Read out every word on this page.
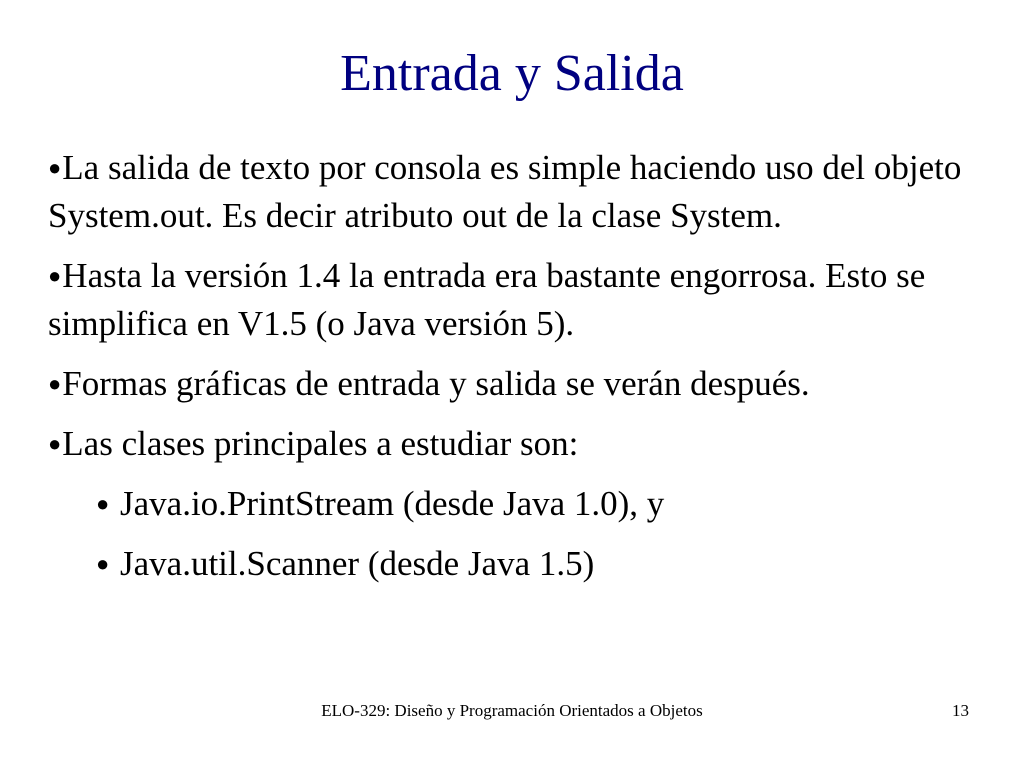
Entrada y Salida
●La salida de texto por consola es simple haciendo uso del objeto System.out. Es decir atributo out de la clase System.
●Hasta la versión 1.4 la entrada era bastante engorrosa. Esto se simplifica en V1.5 (o Java versión 5).
●Formas gráficas de entrada y salida se verán después.
●Las clases principales a estudiar son:
● Java.io.PrintStream (desde Java 1.0), y
● Java.util.Scanner (desde Java 1.5)
ELO-329: Diseño y Programación Orientados a Objetos	13
